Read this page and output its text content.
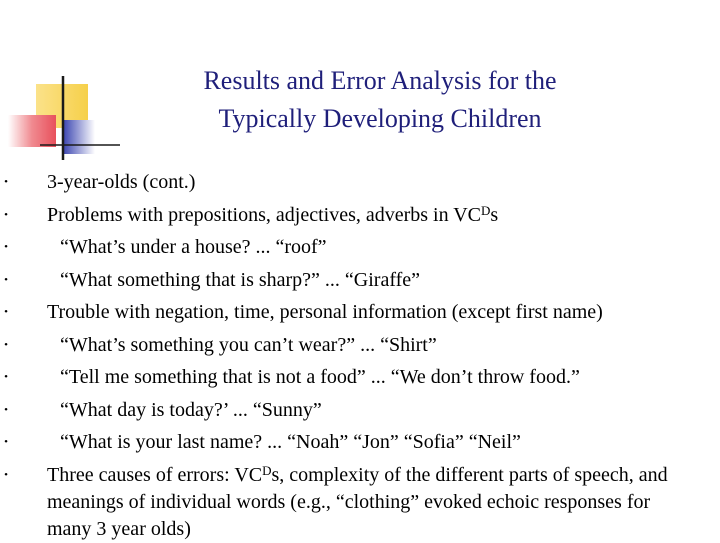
Results and Error Analysis for the
Typically Developing Children
• 3-year-olds (cont.)
• Problems with prepositions, adjectives, adverbs in $VC^Ds$
•	“What’s under a house? ... “roof”
•	“What something that is sharp?” ... “Giraffe”
• Trouble with negation, time, personal information (except first name)
•	“What’s something you can’t wear?” ... “Shirt”
•	“Tell me something that is not a food” ... “We don’t throw food.”
•	“What day is today?’ ... “Sunny”
•	“What is your last name? ... “Noah” “Jon” “Sofia” “Neil”
• Three causes of errors: $VC^Ds$, complexity of the different parts of speech, and meanings of individual words (e.g., “clothing” evoked echoic responses for many 3 year olds)
